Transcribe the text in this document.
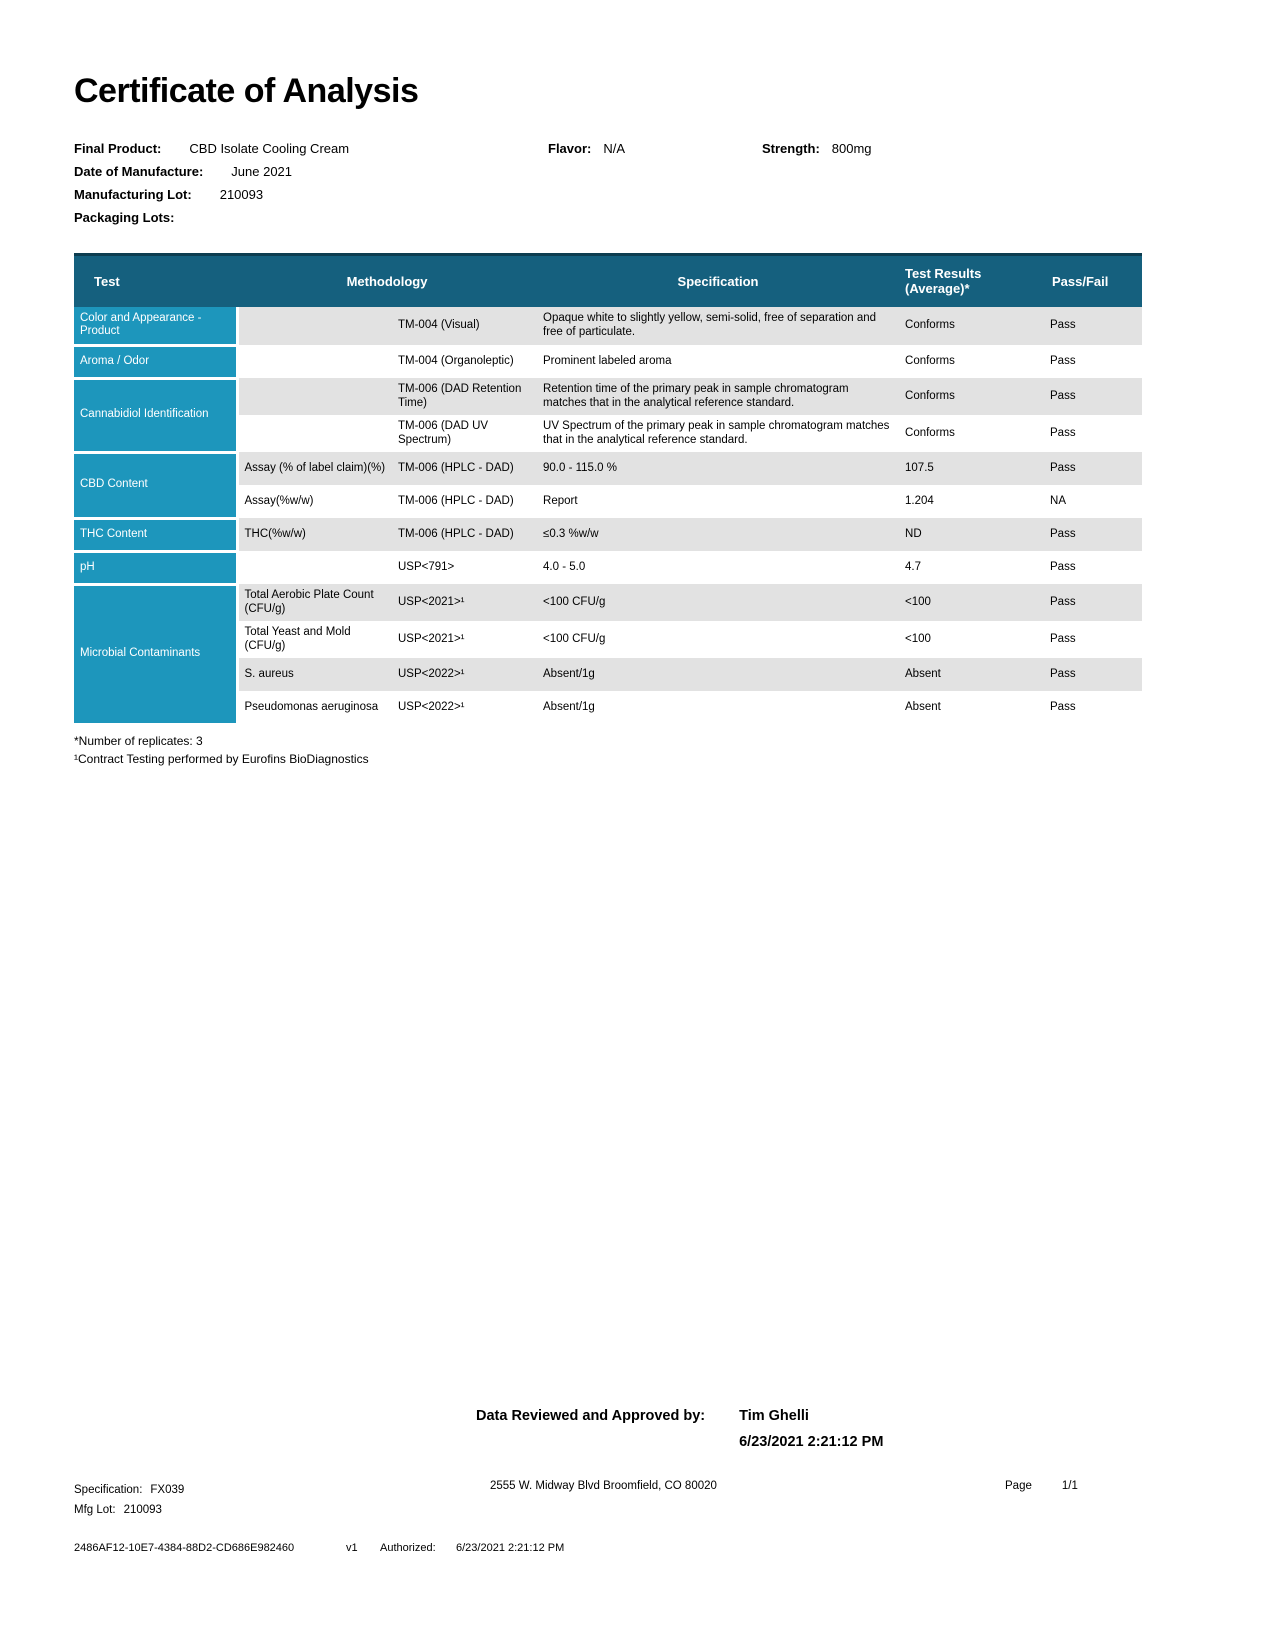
Certificate of Analysis
Final Product: CBD Isolate Cooling Cream	Flavor: N/A	Strength: 800mg
Date of Manufacture: June 2021
Manufacturing Lot: 210093
Packaging Lots:
Test	Methodology		Specification	Test Results (Average)*	Pass/Fail
Color and Appearance - Product		TM-004 (Visual)	Opaque white to slightly yellow, semi-solid, free of separation and free of particulate.	Conforms	Pass
Aroma / Odor		TM-004 (Organoleptic)	Prominent labeled aroma	Conforms	Pass
Cannabidiol Identification		TM-006 (DAD Retention Time)	Retention time of the primary peak in sample chromatogram matches that in the analytical reference standard.	Conforms	Pass
		TM-006 (DAD UV Spectrum)	UV Spectrum of the primary peak in sample chromatogram matches that in the analytical reference standard.	Conforms	Pass
CBD Content	Assay (% of label claim)(%)	TM-006 (HPLC - DAD)	90.0 - 115.0 %	107.5	Pass
	Assay(%w/w)	TM-006 (HPLC - DAD)	Report	1.204	NA
THC Content	THC(%w/w)	TM-006 (HPLC - DAD)	≤0.3 %w/w	ND	Pass
pH		USP<791>	4.0 - 5.0	4.7	Pass
Microbial Contaminants	Total Aerobic Plate Count (CFU/g)	USP<2021>¹	<100 CFU/g	<100	Pass
	Total Yeast and Mold (CFU/g)	USP<2021>¹	<100 CFU/g	<100	Pass
	S. aureus	USP<2022>¹	Absent/1g	Absent	Pass
	Pseudomonas aeruginosa	USP<2022>¹	Absent/1g	Absent	Pass
*Number of replicates: 3
¹Contract Testing performed by Eurofins BioDiagnostics
Data Reviewed and Approved by: Tim Ghelli
6/23/2021 2:21:12 PM
Specification: FX039
Mfg Lot: 210093
2555 W. Midway Blvd Broomfield, CO 80020	Page	1/1
2486AF12-10E7-4384-88D2-CD686E982460	v1 Authorized: 6/23/2021 2:21:12 PM
